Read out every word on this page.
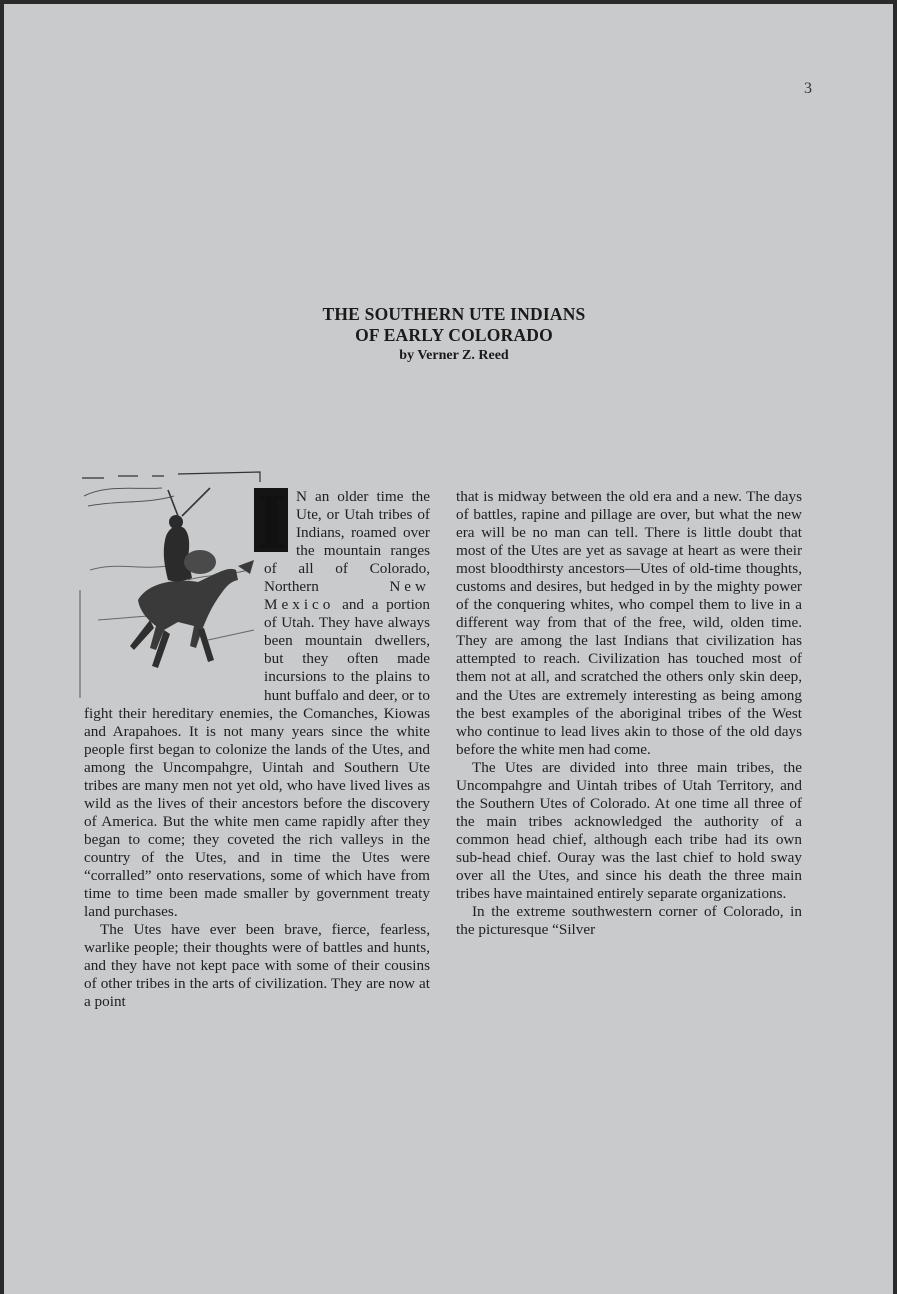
3
THE SOUTHERN UTE INDIANS
OF EARLY COLORADO
by Verner Z. Reed

I N an older time the Ute, or Utah tribes of Indians, roamed over the mountain ranges of all of Colorado, Northern New Mexico and a portion of Utah. They have always been mountain dwellers, but they often made incursions to the plains to hunt buffalo and deer, or to fight their hereditary enemies, the Comanches, Kiowas and Arapahoes. It is not many years since the white people first began to colonize the lands of the Utes, and among the Uncompahgre, Uintah and Southern Ute tribes are many men not yet old, who have lived lives as wild as the lives of their ancestors before the discovery of America. But the white men came rapidly after they began to come; they coveted the rich valleys in the country of the Utes, and in time the Utes were “corralled” onto reservations, some of which have from time to time been made smaller by government treaty land purchases.

The Utes have ever been brave, fierce, fearless, warlike people; their thoughts were of battles and hunts, and they have not kept pace with some of their cousins of other tribes in the arts of civilization. They are now at a point

that is midway between the old era and a new. The days of battles, rapine and pillage are over, but what the new era will be no man can tell. There is little doubt that most of the Utes are yet as savage at heart as were their most bloodthirsty ancestors—Utes of old-time thoughts, customs and desires, but hedged in by the mighty power of the conquering whites, who compel them to live in a different way from that of the free, wild, olden time. They are among the last Indians that civilization has attempted to reach. Civilization has touched most of them not at all, and scratched the others only skin deep, and the Utes are extremely interesting as being among the best examples of the aboriginal tribes of the West who continue to lead lives akin to those of the old days before the white men had come.

The Utes are divided into three main tribes, the Uncompahgre and Uintah tribes of Utah Territory, and the Southern Utes of Colorado. At one time all three of the main tribes acknowledged the authority of a common head chief, although each tribe had its own sub-head chief. Ouray was the last chief to hold sway over all the Utes, and since his death the three main tribes have maintained entirely separate organizations.

In the extreme southwestern corner of Colorado, in the picturesque “Silver
